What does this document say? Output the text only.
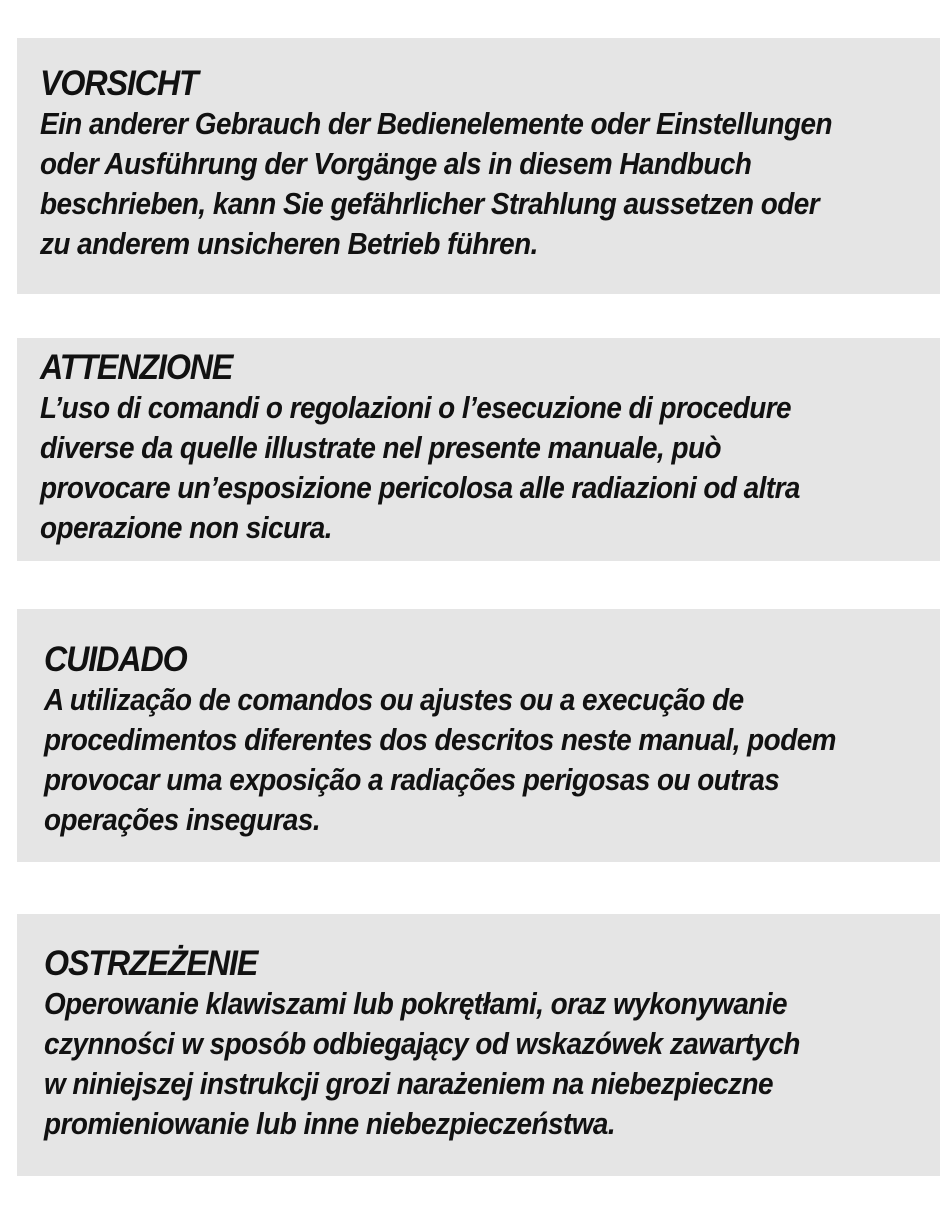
VORSICHT
Ein anderer Gebrauch der Bedienelemente oder Einstellungen
oder Ausführung der Vorgänge als in diesem Handbuch
beschrieben, kann Sie gefährlicher Strahlung aussetzen oder
zu anderem unsicheren Betrieb führen.
ATTENZIONE
L’uso di comandi o regolazioni o l’esecuzione di procedure
diverse da quelle illustrate nel presente manuale, può
provocare un’esposizione pericolosa alle radiazioni od altra
operazione non sicura.
CUIDADO
A utilização de comandos ou ajustes ou a execução de
procedimentos diferentes dos descritos neste manual, podem
provocar uma exposição a radiações perigosas ou outras
operações inseguras.
OSTRZEŻENIE
Operowanie klawiszami lub pokrętłami, oraz wykonywanie
czynności w sposób odbiegający od wskazówek zawartych
w niniejszej instrukcji grozi narażeniem na niebezpieczne
promieniowanie lub inne niebezpieczeństwa.
